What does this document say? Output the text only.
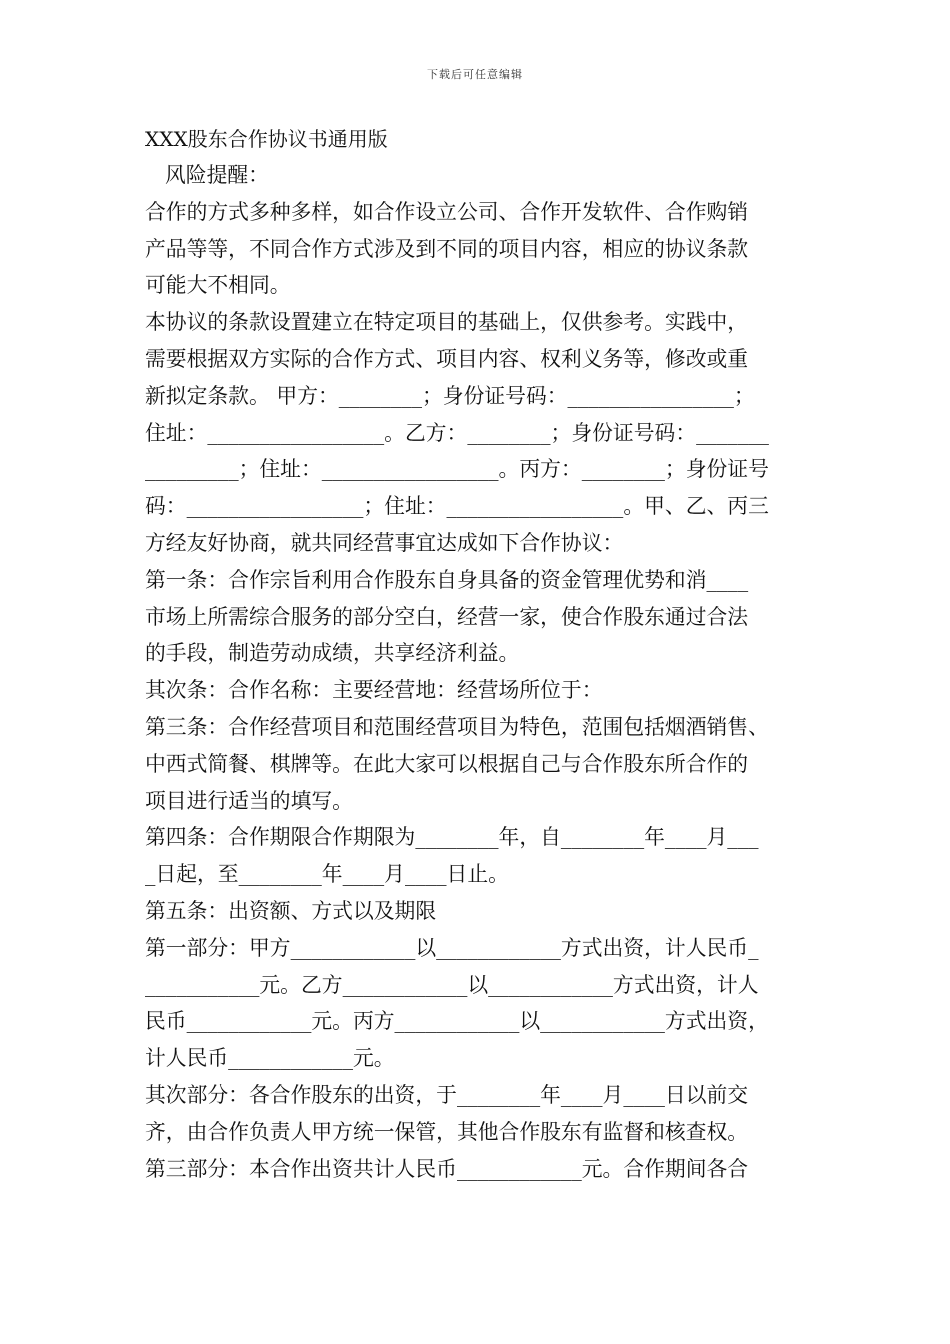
下载后可任意编辑
XXX股东合作协议书通用版
风险提醒：
合作的方式多种多样，如合作设立公司、合作开发软件、合作购销
产品等等，不同合作方式涉及到不同的项目内容，相应的协议条款
可能大不相同。
本协议的条款设置建立在特定项目的基础上，仅供参考。实践中，
需要根据双方实际的合作方式、项目内容、权利义务等，修改或重
新拟定条款。 甲方：________；身份证号码：________________；
住址：_________________。乙方：________；身份证号码：_______
_________；住址：_________________。丙方：________；身份证号
码：_________________；住址：_________________。甲、乙、丙三
方经友好协商，就共同经营事宜达成如下合作协议：
第一条：合作宗旨利用合作股东自身具备的资金管理优势和消____
市场上所需综合服务的部分空白，经营一家，使合作股东通过合法
的手段，制造劳动成绩，共享经济利益。
其次条：合作名称：主要经营地：经营场所位于：
第三条：合作经营项目和范围经营项目为特色，范围包括烟酒销售、
中西式简餐、棋牌等。在此大家可以根据自己与合作股东所合作的
项目进行适当的填写。
第四条：合作期限合作期限为________年，自________年____月___
_日起，至________年____月____日止。
第五条：出资额、方式以及期限
第一部分：甲方____________以____________方式出资，计人民币_
___________元。乙方____________以____________方式出资，计人
民币____________元。丙方____________以____________方式出资，
计人民币____________元。
其次部分：各合作股东的出资，于________年____月____日以前交
齐，由合作负责人甲方统一保管，其他合作股东有监督和核查权。
第三部分：本合作出资共计人民币____________元。合作期间各合
